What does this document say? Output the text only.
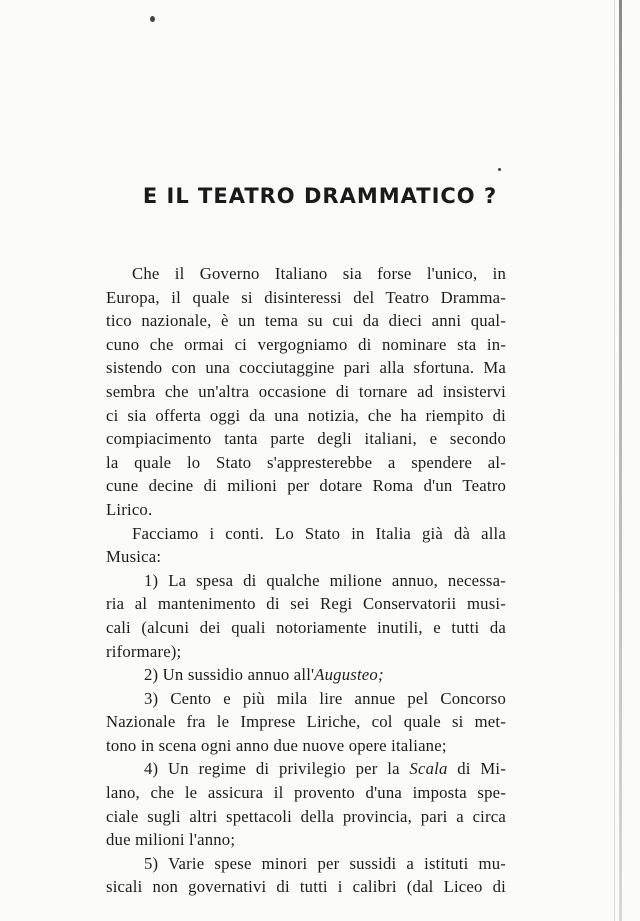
E IL TEATRO DRAMMATICO ?
Che il Governo Italiano sia forse l'unico, in
Europa, il quale si disinteressi del Teatro Dramma-
tico nazionale, è un tema su cui da dieci anni qual-
cuno che ormai ci vergogniamo di nominare sta in-
sistendo con una cocciutaggine pari alla sfortuna. Ma
sembra che un'altra occasione di tornare ad insistervi
ci sia offerta oggi da una notizia, che ha riempito di
compiacimento tanta parte degli italiani, e secondo
la quale lo Stato s'appresterebbe a spendere al-
cune decine di milioni per dotare Roma d'un Teatro
Lirico.
Facciamo i conti. Lo Stato in Italia già dà alla
Musica:
1) La spesa di qualche milione annuo, necessa-
ria al mantenimento di sei Regi Conservatorii musi-
cali (alcuni dei quali notoriamente inutili, e tutti da
riformare);
2) Un sussidio annuo all'Augusteo;
3) Cento e più mila lire annue pel Concorso
Nazionale fra le Imprese Liriche, col quale si met-
tono in scena ogni anno due nuove opere italiane;
4) Un regime di privilegio per la Scala di Mi-
lano, che le assicura il provento d'una imposta spe-
ciale sugli altri spettacoli della provincia, pari a circa
due milioni l'anno;
5) Varie spese minori per sussidi a istituti mu-
sicali non governativi di tutti i calibri (dal Liceo di
